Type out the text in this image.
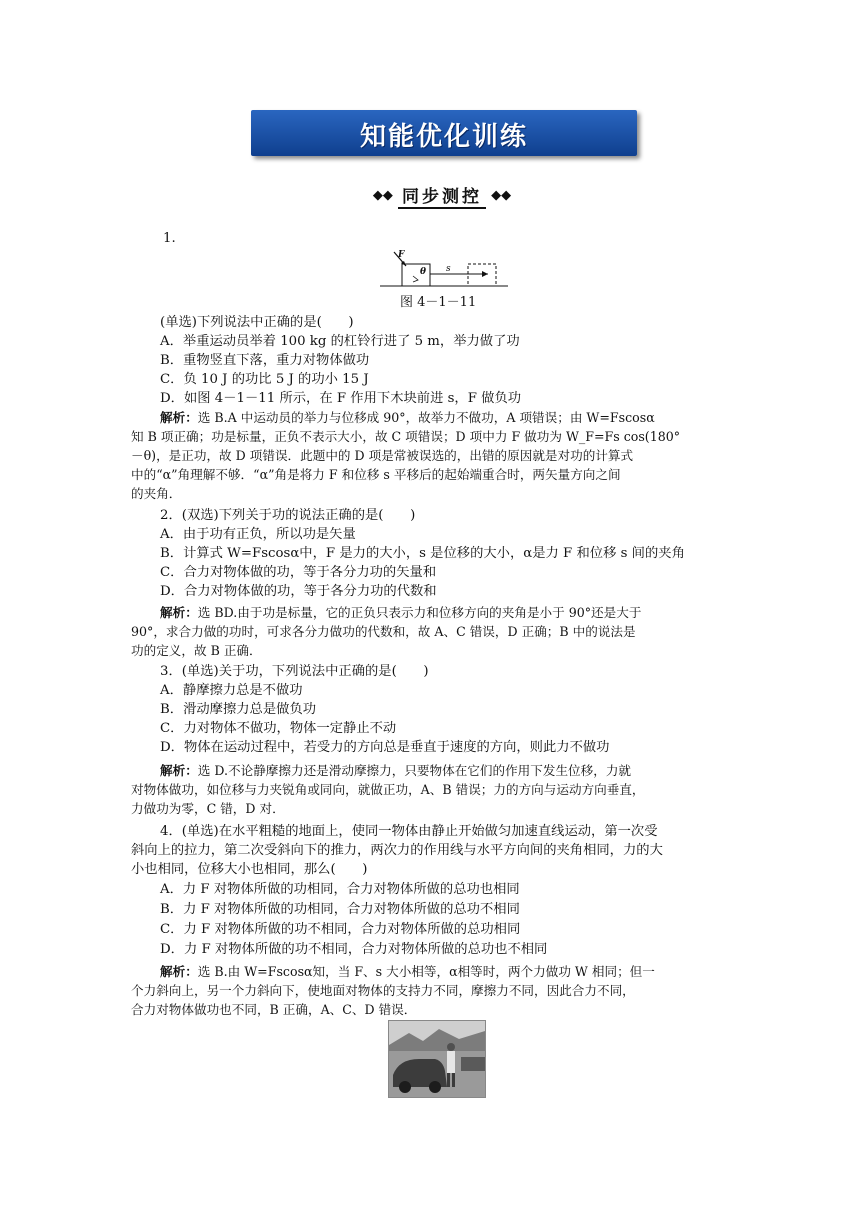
知能优化训练
◆◆ 同步测控 ◆◆
1.
F
θ s
图 4－1－11
(单选)下列说法中正确的是(　　)
A．举重运动员举着 100 kg 的杠铃行进了 5 m，举力做了功
B．重物竖直下落，重力对物体做功
C．负 10 J 的功比 5 J 的功小 15 J
D．如图 4－1－11 所示，在 F 作用下木块前进 s，F 做负功
解析：选 B.A 中运动员的举力与位移成 90°，故举力不做功，A 项错误；由 W=Fscosα
知 B 项正确；功是标量，正负不表示大小，故 C 项错误；D 项中力 F 做功为 W_F=Fs cos(180°
－θ)，是正功，故 D 项错误．此题中的 D 项是常被误选的，出错的原因就是对功的计算式
中的“α”角理解不够．“α”角是将力 F 和位移 s 平移后的起始端重合时，两矢量方向之间
的夹角．
2．(双选)下列关于功的说法正确的是(　　)
A．由于功有正负，所以功是矢量
B．计算式 W=Fscosα中，F 是力的大小，s 是位移的大小，α是力 F 和位移 s 间的夹角
C．合力对物体做的功，等于各分力功的矢量和
D．合力对物体做的功，等于各分力功的代数和
解析：选 BD.由于功是标量，它的正负只表示力和位移方向的夹角是小于 90°还是大于
90°，求合力做的功时，可求各分力做功的代数和，故 A、C 错误，D 正确；B 中的说法是
功的定义，故 B 正确．
3．(单选)关于功，下列说法中正确的是(　　)
A．静摩擦力总是不做功
B．滑动摩擦力总是做负功
C．力对物体不做功，物体一定静止不动
D．物体在运动过程中，若受力的方向总是垂直于速度的方向，则此力不做功
解析：选 D.不论静摩擦力还是滑动摩擦力，只要物体在它们的作用下发生位移，力就
对物体做功，如位移与力夹锐角或同向，就做正功，A、B 错误；力的方向与运动方向垂直，
力做功为零，C 错，D 对．
4．(单选)在水平粗糙的地面上，使同一物体由静止开始做匀加速直线运动，第一次受
斜向上的拉力，第二次受斜向下的推力，两次力的作用线与水平方向间的夹角相同，力的大
小也相同，位移大小也相同，那么(　　)
A．力 F 对物体所做的功相同，合力对物体所做的总功也相同
B．力 F 对物体所做的功相同，合力对物体所做的总功不相同
C．力 F 对物体所做的功不相同，合力对物体所做的总功相同
D．力 F 对物体所做的功不相同，合力对物体所做的总功也不相同
解析：选 B.由 W=Fscosα知，当 F、s 大小相等，α相等时，两个力做功 W 相同；但一
个力斜向上，另一个力斜向下，使地面对物体的支持力不同，摩擦力不同，因此合力不同，
合力对物体做功也不同，B 正确，A、C、D 错误．
